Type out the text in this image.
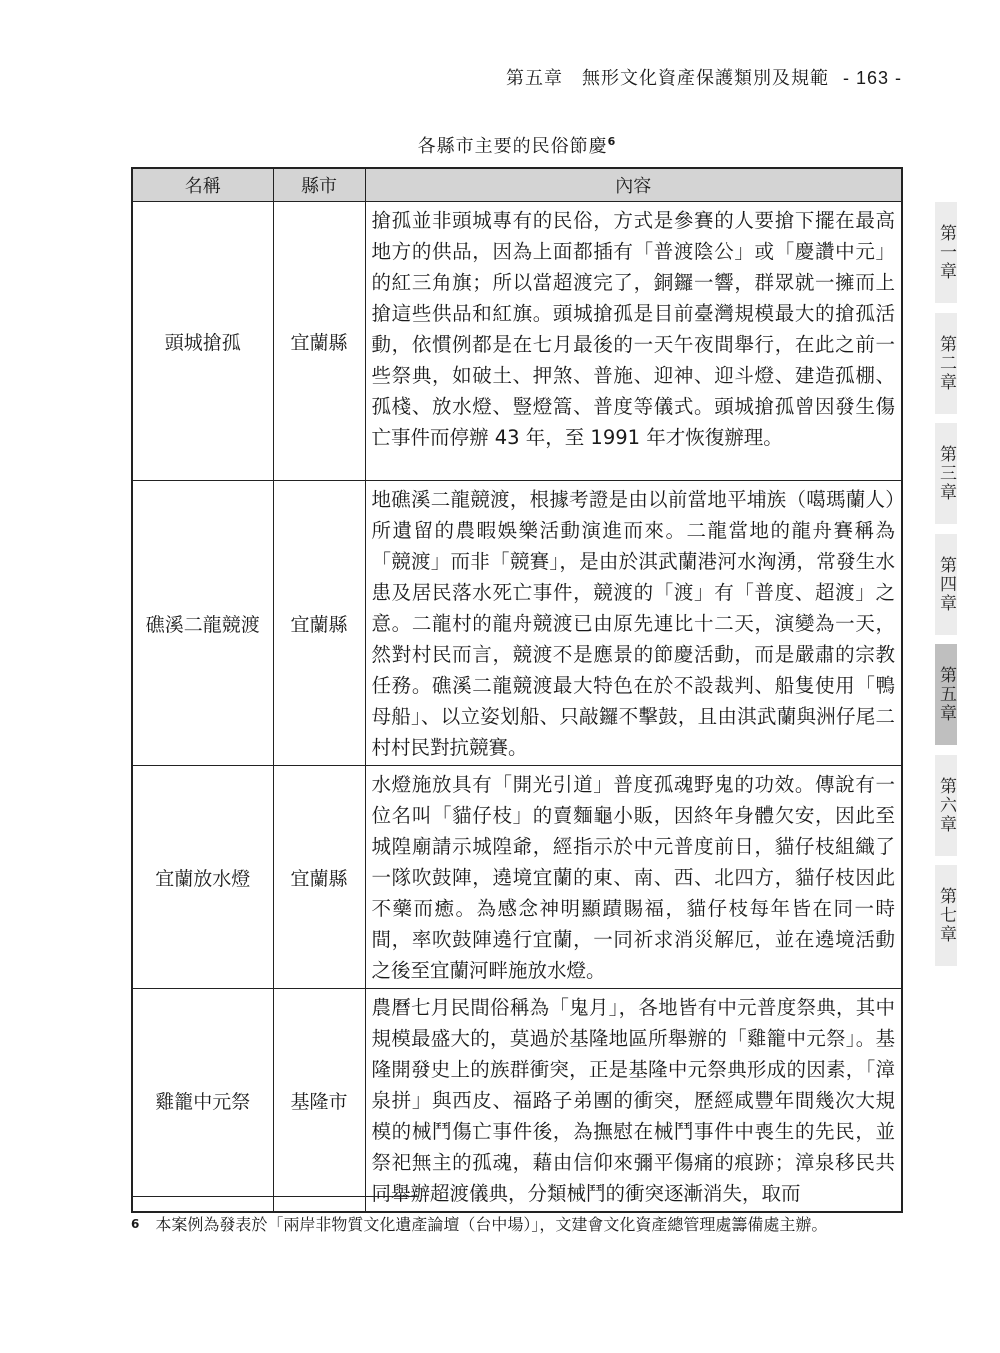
第五章　無形文化資產保護類別及規範 - 163 -
各縣市主要的民俗節慶$^6$
名稱	縣市	內容
頭城搶孤	宜蘭縣	搶孤並非頭城專有的民俗，方式是參賽的人要搶下擺在最高地方的供品，因為上面都插有「普渡陰公」或「慶讚中元」的紅三角旗；所以當超渡完了，銅鑼一響，群眾就一擁而上搶這些供品和紅旗。頭城搶孤是目前臺灣規模最大的搶孤活動，依慣例都是在七月最後的一天午夜間舉行，在此之前一些祭典，如破土、押煞、普施、迎神、迎斗燈、建造孤棚、孤棧、放水燈、豎燈篙、普度等儀式。頭城搶孤曾因發生傷亡事件而停辦 43 年，至 1991 年才恢復辦理。
礁溪二龍競渡	宜蘭縣	地礁溪二龍競渡，根據考證是由以前當地平埔族（噶瑪蘭人）所遺留的農暇娛樂活動演進而來。二龍當地的龍舟賽稱為「競渡」而非「競賽」，是由於淇武蘭港河水洶湧，常發生水患及居民落水死亡事件，競渡的「渡」有「普度、超渡」之意。二龍村的龍舟競渡已由原先連比十二天，演變為一天，然對村民而言，競渡不是應景的節慶活動，而是嚴肅的宗教任務。礁溪二龍競渡最大特色在於不設裁判、船隻使用「鴨母船」、以立姿划船、只敲鑼不擊鼓，且由淇武蘭與洲仔尾二村村民對抗競賽。
宜蘭放水燈	宜蘭縣	水燈施放具有「開光引道」普度孤魂野鬼的功效。傳說有一位名叫「貓仔枝」的賣麵龜小販，因終年身體欠安，因此至城隍廟請示城隍爺，經指示於中元普度前日，貓仔枝組織了一隊吹鼓陣，遶境宜蘭的東、南、西、北四方，貓仔枝因此不藥而癒。為感念神明顯蹟賜福，貓仔枝每年皆在同一時間，率吹鼓陣遶行宜蘭，一同祈求消災解厄，並在遶境活動之後至宜蘭河畔施放水燈。
雞籠中元祭	基隆市	農曆七月民間俗稱為「鬼月」，各地皆有中元普度祭典，其中規模最盛大的，莫過於基隆地區所舉辦的「雞籠中元祭」。基隆開發史上的族群衝突，正是基隆中元祭典形成的因素，「漳泉拼」與西皮、福路子弟團的衝突，歷經咸豐年間幾次大規模的械鬥傷亡事件後，為撫慰在械鬥事件中喪生的先民，並祭祀無主的孤魂，藉由信仰來彌平傷痛的痕跡；漳泉移民共同舉辦超渡儀典，分類械鬥的衝突逐漸消失，取而
6 本案例為發表於「兩岸非物質文化遺產論壇（台中場）」，文建會文化資產總管理處籌備處主辦。
第一章
第二章
第三章
第四章
第五章
第六章
第七章
